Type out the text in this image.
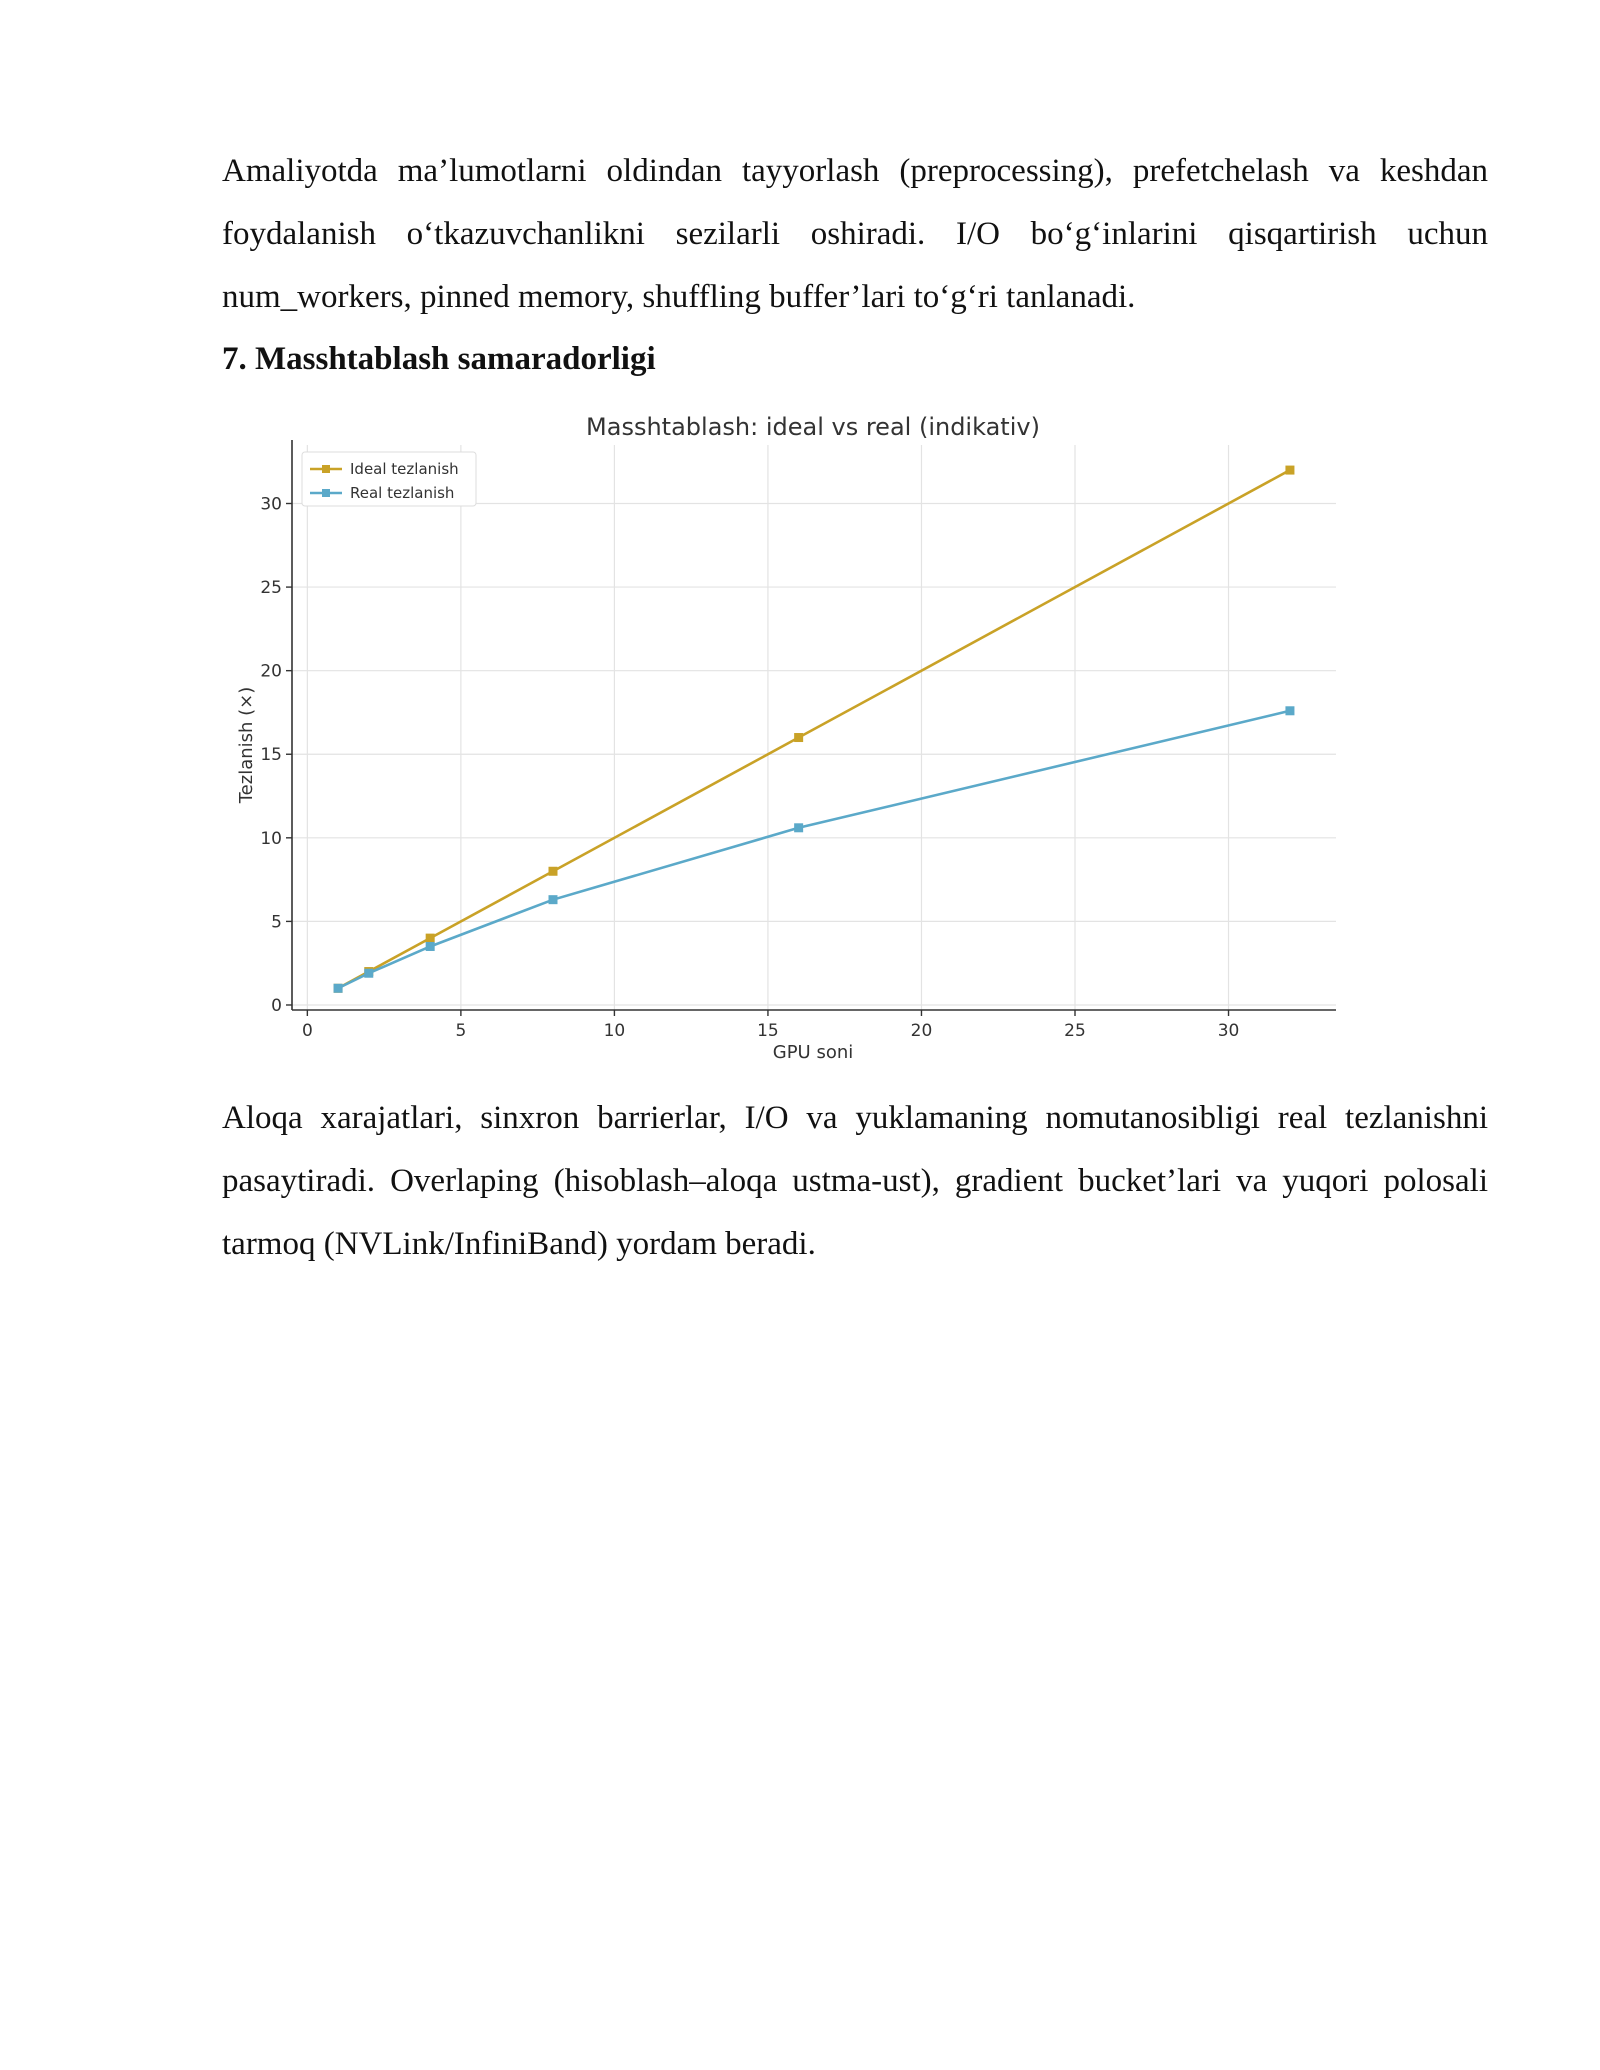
Amaliyotda ma’lumotlarni oldindan tayyorlash (preprocessing), prefetchelash va keshdan foydalanish o‘tkazuvchanlikni sezilarli oshiradi. I/O bo‘g‘inlarini qisqartirish uchun num_workers, pinned memory, shuffling buffer’lari to‘g‘ri tanlanadi.

7. Masshtablash samaradorligi
Masshtablash: ideal vs real (indikativ)
0	5	10	15	20	25	30
0
5
10
15
20
25
30
GPU soni
Tezlanish (×)
Ideal tezlanish
Real tezlanish

Aloqa xarajatlari, sinxron barrierlar, I/O va yuklamaning nomutanosibligi real tezlanishni pasaytiradi. Overlaping (hisoblash–aloqa ustma-ust), gradient bucket’lari va yuqori polosali tarmoq (NVLink/InfiniBand) yordam beradi.
